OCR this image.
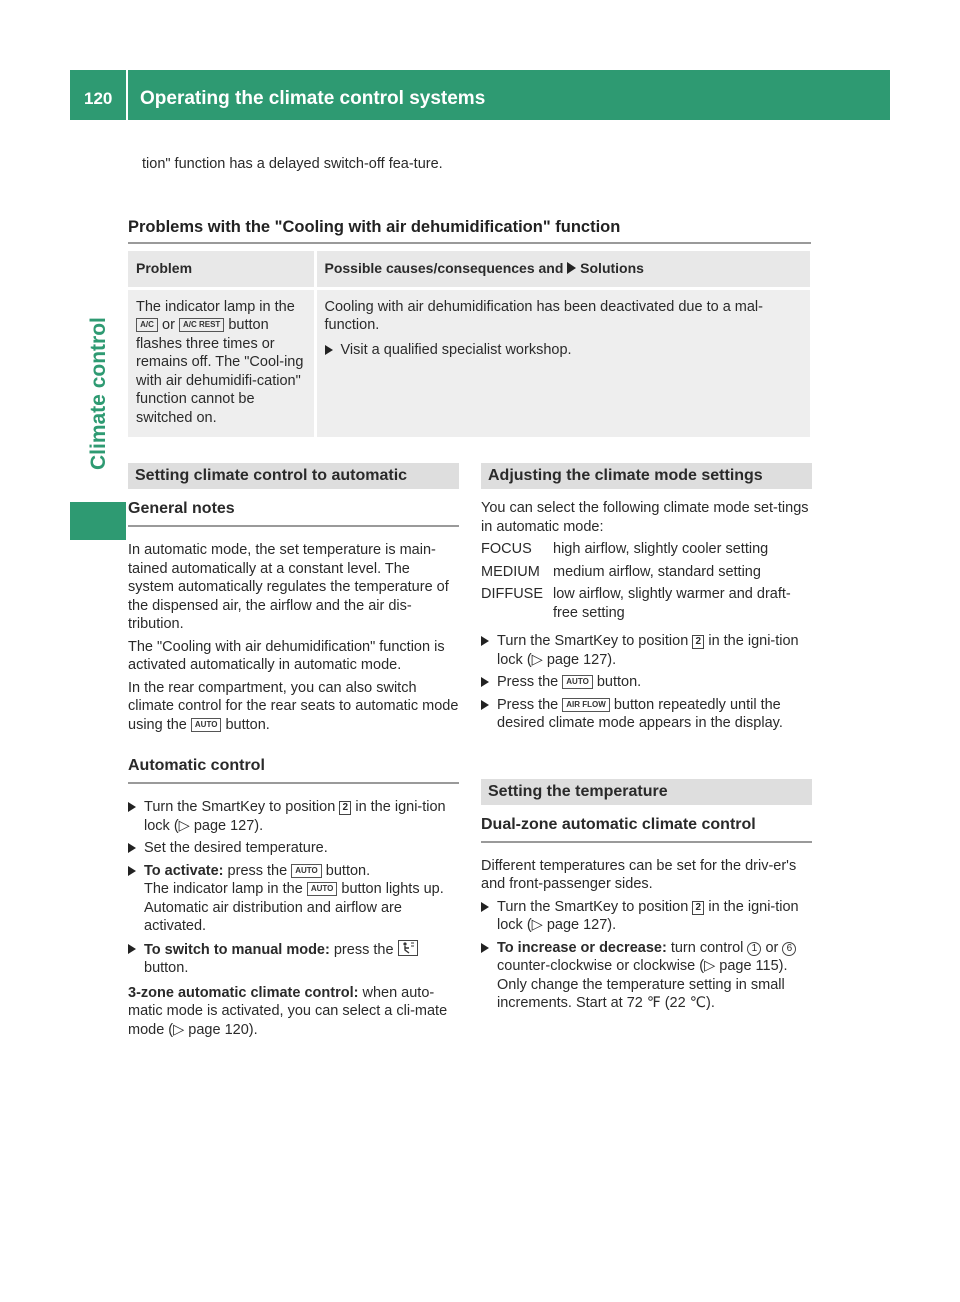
120	Operating the climate control systems
Climate control
tion" function has a delayed switch-off fea-ture.
Problems with the "Cooling with air dehumidification" function
Problem	Possible causes/consequences and Solutions
The indicator lamp in the A/C or A/C REST button flashes three times or remains off. The "Cool-ing with air dehumidifi-cation" function cannot be switched on.	Cooling with air dehumidification has been deactivated due to a mal-function.

Visit a qualified specialist workshop.
Setting climate control to automatic
General notes

In automatic mode, the set temperature is main-tained automatically at a constant level. The system automatically regulates the temperature of the dispensed air, the airflow and the air dis-tribution.

The "Cooling with air dehumidification" function is activated automatically in automatic mode.

In the rear compartment, you can also switch climate control for the rear seats to automatic mode using the AUTO button.

Automatic control
Turn the SmartKey to position 2 in the igni-tion lock (▷ page 127).
Set the desired temperature.
To activate: press the AUTO button.
The indicator lamp in the AUTO button lights up. Automatic air distribution and airflow are activated.
To switch to manual mode: press the

button.

3-zone automatic climate control: when auto-matic mode is activated, you can select a cli-mate mode (▷ page 120).

Adjusting the climate mode settings

You can select the following climate mode set-tings in automatic mode:

FOCUS	high airflow, slightly cooler setting
MEDIUM	medium airflow, standard setting
DIFFUSE	low airflow, slightly warmer and draft-free setting
Turn the SmartKey to position 2 in the igni-tion lock (▷ page 127).
Press the AUTO button.
Press the AIR FLOW button repeatedly until the desired climate mode appears in the display.
Setting the temperature
Dual-zone automatic climate control

Different temperatures can be set for the driv-er's and front-passenger sides.

Turn the SmartKey to position 2 in the igni-tion lock (▷ page 127).
To increase or decrease: turn control 1 or 6 counter-clockwise or clockwise (▷ page 115).
Only change the temperature setting in small increments. Start at 72 ℉ (22 ℃).
